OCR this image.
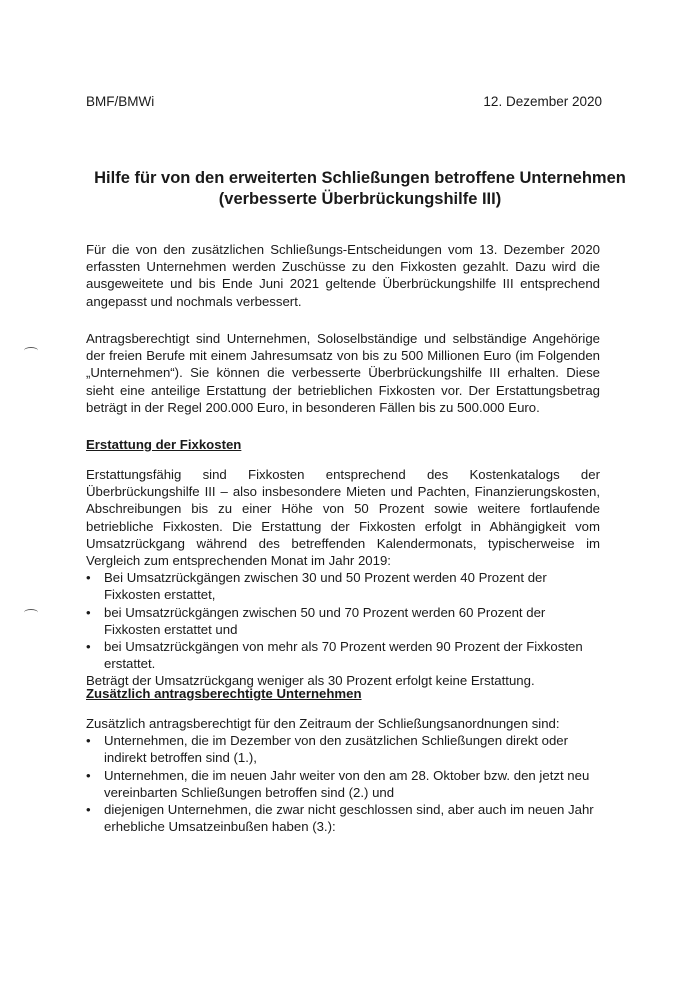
BMF/BMWi	12. Dezember 2020
Hilfe für von den erweiterten Schließungen betroffene Unternehmen
(verbesserte Überbrückungshilfe III)

Für die von den zusätzlichen Schließungs-Entscheidungen vom 13. Dezember 2020 erfassten Unternehmen werden Zuschüsse zu den Fixkosten gezahlt. Dazu wird die ausgeweitete und bis Ende Juni 2021 geltende Überbrückungshilfe III entsprechend angepasst und nochmals verbessert.

Antragsberechtigt sind Unternehmen, Soloselbständige und selbständige Angehörige der freien Berufe mit einem Jahresumsatz von bis zu 500 Millionen Euro (im Folgenden „Unternehmen“). Sie können die verbesserte Überbrückungshilfe III erhalten. Diese sieht eine anteilige Erstattung der betrieblichen Fixkosten vor. Der Erstattungsbetrag beträgt in der Regel 200.000 Euro, in besonderen Fällen bis zu 500.000 Euro.

Erstattung der Fixkosten

Erstattungsfähig sind Fixkosten entsprechend des Kostenkatalogs der Überbrückungshilfe III – also insbesondere Mieten und Pachten, Finanzierungskosten, Abschreibungen bis zu einer Höhe von 50 Prozent sowie weitere fortlaufende betriebliche Fixkosten. Die Erstattung der Fixkosten erfolgt in Abhängigkeit vom Umsatzrückgang während des betreffenden Kalendermonats, typischerweise im Vergleich zum entsprechenden Monat im Jahr 2019:

• Bei Umsatzrückgängen zwischen 30 und 50 Prozent werden 40 Prozent der Fixkosten erstattet,
• bei Umsatzrückgängen zwischen 50 und 70 Prozent werden 60 Prozent der Fixkosten erstattet und
• bei Umsatzrückgängen von mehr als 70 Prozent werden 90 Prozent der Fixkosten erstattet.

Beträgt der Umsatzrückgang weniger als 30 Prozent erfolgt keine Erstattung.

Zusätzlich antragsberechtigte Unternehmen

Zusätzlich antragsberechtigt für den Zeitraum der Schließungsanordnungen sind:

• Unternehmen, die im Dezember von den zusätzlichen Schließungen direkt oder indirekt betroffen sind (1.),
• Unternehmen, die im neuen Jahr weiter von den am 28. Oktober bzw. den jetzt neu vereinbarten Schließungen betroffen sind (2.) und
• diejenigen Unternehmen, die zwar nicht geschlossen sind, aber auch im neuen Jahr erhebliche Umsatzeinbußen haben (3.):
